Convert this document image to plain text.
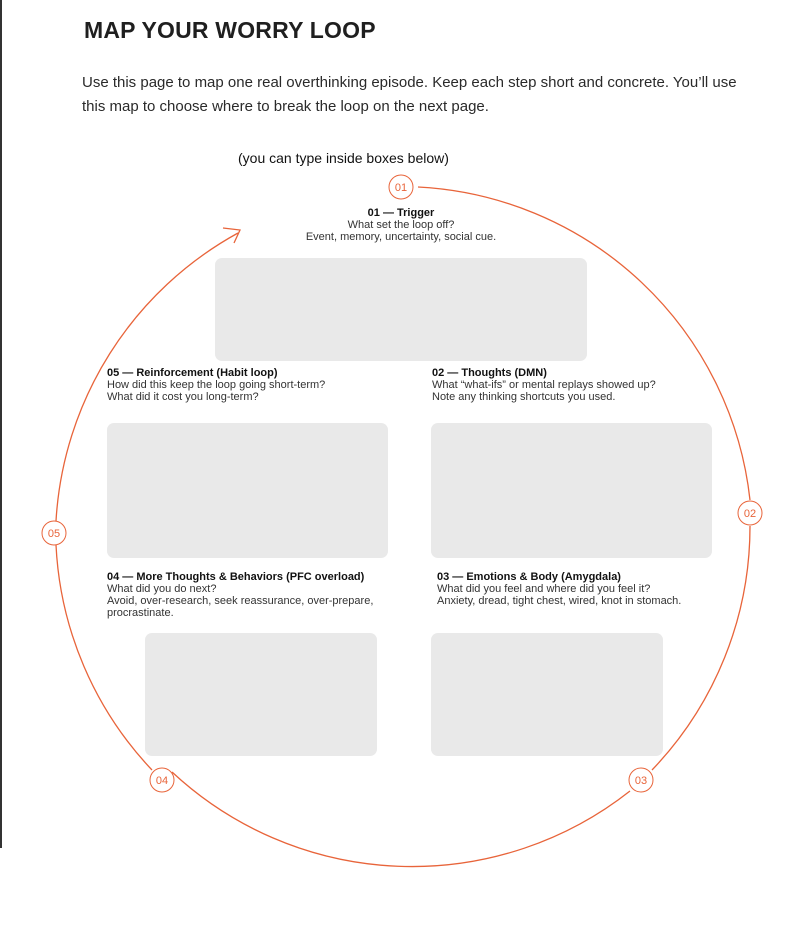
MAP YOUR WORRY LOOP

Use this page to map one real overthinking episode. Keep each step short and concrete. You’ll use this map to choose where to break the loop on the next page.

(you can type inside boxes below)
01
02
03
04
05
01 — Trigger
What set the loop off?
Event, memory, uncertainty, social cue.
05 — Reinforcement (Habit loop)
How did this keep the loop going short-term?
What did it cost you long-term?
02 — Thoughts (DMN)
What “what-ifs” or mental replays showed up?
Note any thinking shortcuts you used.
04 — More Thoughts & Behaviors (PFC overload)
What did you do next?
Avoid, over-research, seek reassurance, over-prepare, procrastinate.
03 — Emotions & Body (Amygdala)
What did you feel and where did you feel it?
Anxiety, dread, tight chest, wired, knot in stomach.
